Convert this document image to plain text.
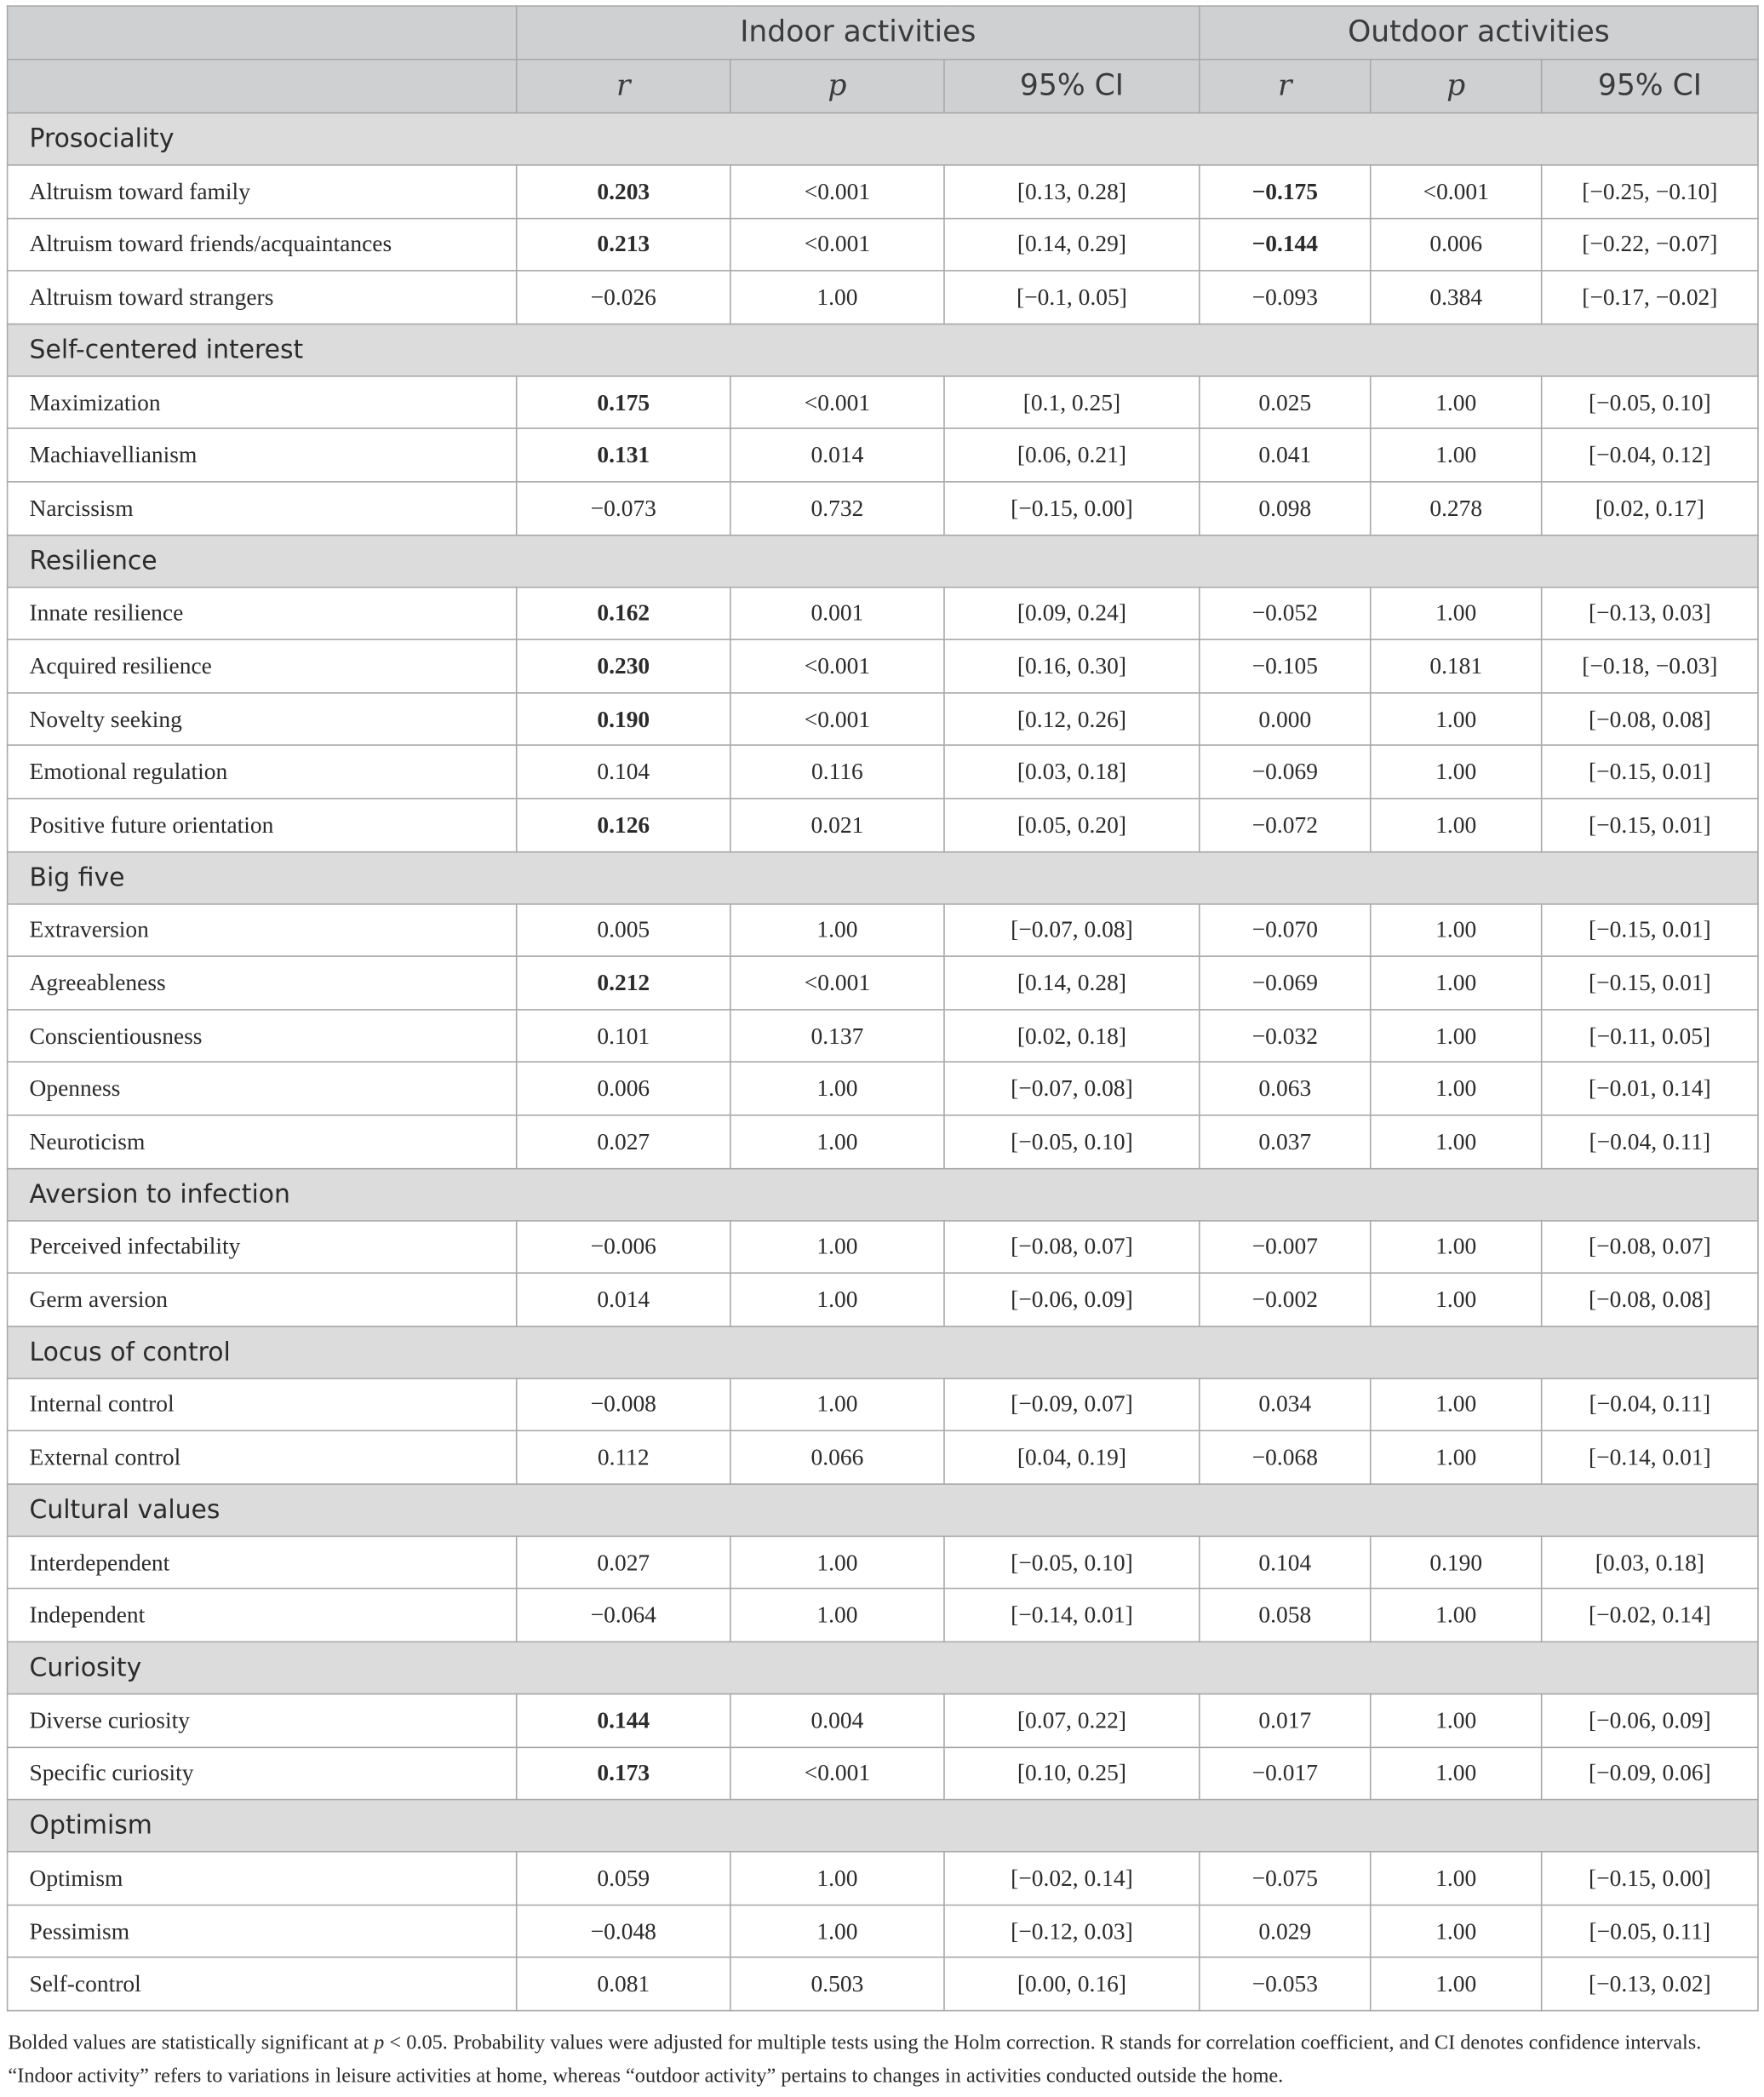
	Indoor activities			Outdoor activities		
	r	p	95% CI	r	p	95% CI
Prosociality						
Altruism toward family	0.203	<0.001	[0.13, 0.28]	−0.175	<0.001	[−0.25, −0.10]
Altruism toward friends/acquaintances	0.213	<0.001	[0.14, 0.29]	−0.144	0.006	[−0.22, −0.07]
Altruism toward strangers	−0.026	1.00	[−0.1, 0.05]	−0.093	0.384	[−0.17, −0.02]
Self-centered interest						
Maximization	0.175	<0.001	[0.1, 0.25]	0.025	1.00	[−0.05, 0.10]
Machiavellianism	0.131	0.014	[0.06, 0.21]	0.041	1.00	[−0.04, 0.12]
Narcissism	−0.073	0.732	[−0.15, 0.00]	0.098	0.278	[0.02, 0.17]
Resilience						
Innate resilience	0.162	0.001	[0.09, 0.24]	−0.052	1.00	[−0.13, 0.03]
Acquired resilience	0.230	<0.001	[0.16, 0.30]	−0.105	0.181	[−0.18, −0.03]
Novelty seeking	0.190	<0.001	[0.12, 0.26]	0.000	1.00	[−0.08, 0.08]
Emotional regulation	0.104	0.116	[0.03, 0.18]	−0.069	1.00	[−0.15, 0.01]
Positive future orientation	0.126	0.021	[0.05, 0.20]	−0.072	1.00	[−0.15, 0.01]
Big five						
Extraversion	0.005	1.00	[−0.07, 0.08]	−0.070	1.00	[−0.15, 0.01]
Agreeableness	0.212	<0.001	[0.14, 0.28]	−0.069	1.00	[−0.15, 0.01]
Conscientiousness	0.101	0.137	[0.02, 0.18]	−0.032	1.00	[−0.11, 0.05]
Openness	0.006	1.00	[−0.07, 0.08]	0.063	1.00	[−0.01, 0.14]
Neuroticism	0.027	1.00	[−0.05, 0.10]	0.037	1.00	[−0.04, 0.11]
Aversion to infection						
Perceived infectability	−0.006	1.00	[−0.08, 0.07]	−0.007	1.00	[−0.08, 0.07]
Germ aversion	0.014	1.00	[−0.06, 0.09]	−0.002	1.00	[−0.08, 0.08]
Locus of control						
Internal control	−0.008	1.00	[−0.09, 0.07]	0.034	1.00	[−0.04, 0.11]
External control	0.112	0.066	[0.04, 0.19]	−0.068	1.00	[−0.14, 0.01]
Cultural values						
Interdependent	0.027	1.00	[−0.05, 0.10]	0.104	0.190	[0.03, 0.18]
Independent	−0.064	1.00	[−0.14, 0.01]	0.058	1.00	[−0.02, 0.14]
Curiosity						
Diverse curiosity	0.144	0.004	[0.07, 0.22]	0.017	1.00	[−0.06, 0.09]
Specific curiosity	0.173	<0.001	[0.10, 0.25]	−0.017	1.00	[−0.09, 0.06]
Optimism						
Optimism	0.059	1.00	[−0.02, 0.14]	−0.075	1.00	[−0.15, 0.00]
Pessimism	−0.048	1.00	[−0.12, 0.03]	0.029	1.00	[−0.05, 0.11]
Self-control	0.081	0.503	[0.00, 0.16]	−0.053	1.00	[−0.13, 0.02]
Bolded values are statistically significant at p < 0.05. Probability values were adjusted for multiple tests using the Holm correction. R stands for correlation coefficient, and CI denotes confidence intervals. “Indoor activity” refers to variations in leisure activities at home, whereas “outdoor activity” pertains to changes in activities conducted outside the home.
